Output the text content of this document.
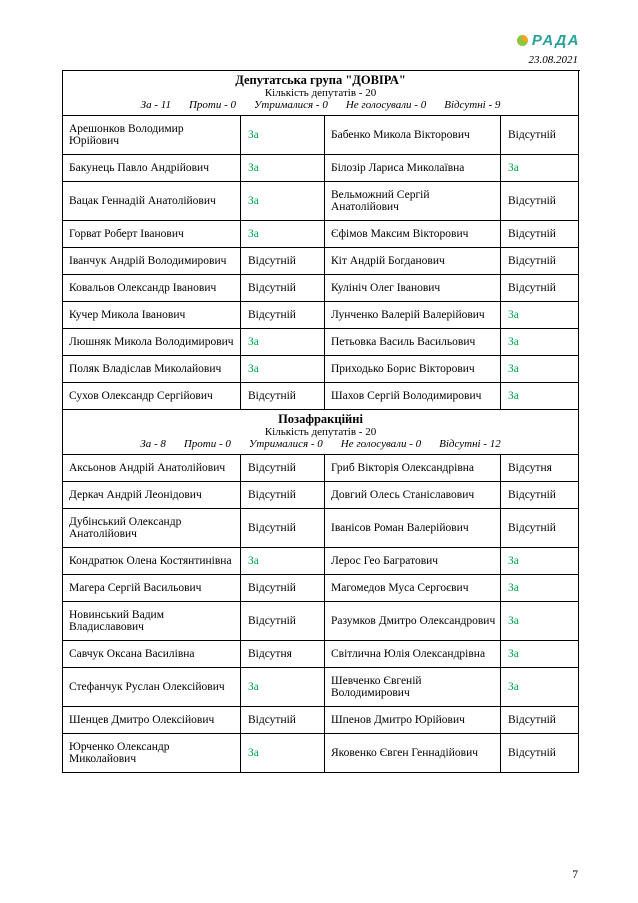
РАДА
23.08.2021
Депутатська група "ДОВІРА"
Кількість депутатів - 20
За - 11 Проти - 0 Утрималися - 0 Не голосували - 0 Відсутні - 9			

Арешонков Володимир Юрійович	За	Бабенко Микола Вікторович	Відсутній
Бакунець Павло Андрійович	За	Білозір Лариса Миколаївна	За
Вацак Геннадій Анатолійович	За	Вельможний Сергій Анатолійович	Відсутній
Горват Роберт Іванович	За	Єфімов Максим Вікторович	Відсутній
Іванчук Андрій Володимирович	Відсутній	Кіт Андрій Богданович	Відсутній
Ковальов Олександр Іванович	Відсутній	Кулініч Олег Іванович	Відсутній
Кучер Микола Іванович	Відсутній	Лунченко Валерій Валерійович	За
Люшняк Микола Володимирович	За	Петьовка Василь Васильович	За
Поляк Владіслав Миколайович	За	Приходько Борис Вікторович	За
Сухов Олександр Сергійович	Відсутній	Шахов Сергій Володимирович	За

Позафракційні
Кількість депутатів - 20
За - 8 Проти - 0 Утрималися - 0 Не голосували - 0 Відсутні - 12			

Аксьонов Андрій Анатолійович	Відсутній	Гриб Вікторія Олександрівна	Відсутня
Деркач Андрій Леонідович	Відсутній	Довгий Олесь Станіславович	Відсутній
Дубінський Олександр Анатолійович	Відсутній	Іванісов Роман Валерійович	Відсутній
Кондратюк Олена Костянтинівна	За	Лерос Гео Багратович	За
Магера Сергій Васильович	Відсутній	Магомедов Муса Сергоєвич	За
Новинський Вадим Владиславович	Відсутній	Разумков Дмитро Олександрович	За
Савчук Оксана Василівна	Відсутня	Світлична Юлія Олександрівна	За
Стефанчук Руслан Олексійович	За	Шевченко Євгеній Володимирович	За
Шенцев Дмитро Олексійович	Відсутній	Шпенов Дмитро Юрійович	Відсутній
Юрченко Олександр Миколайович	За	Яковенко Євген Геннадійович	Відсутній
7
